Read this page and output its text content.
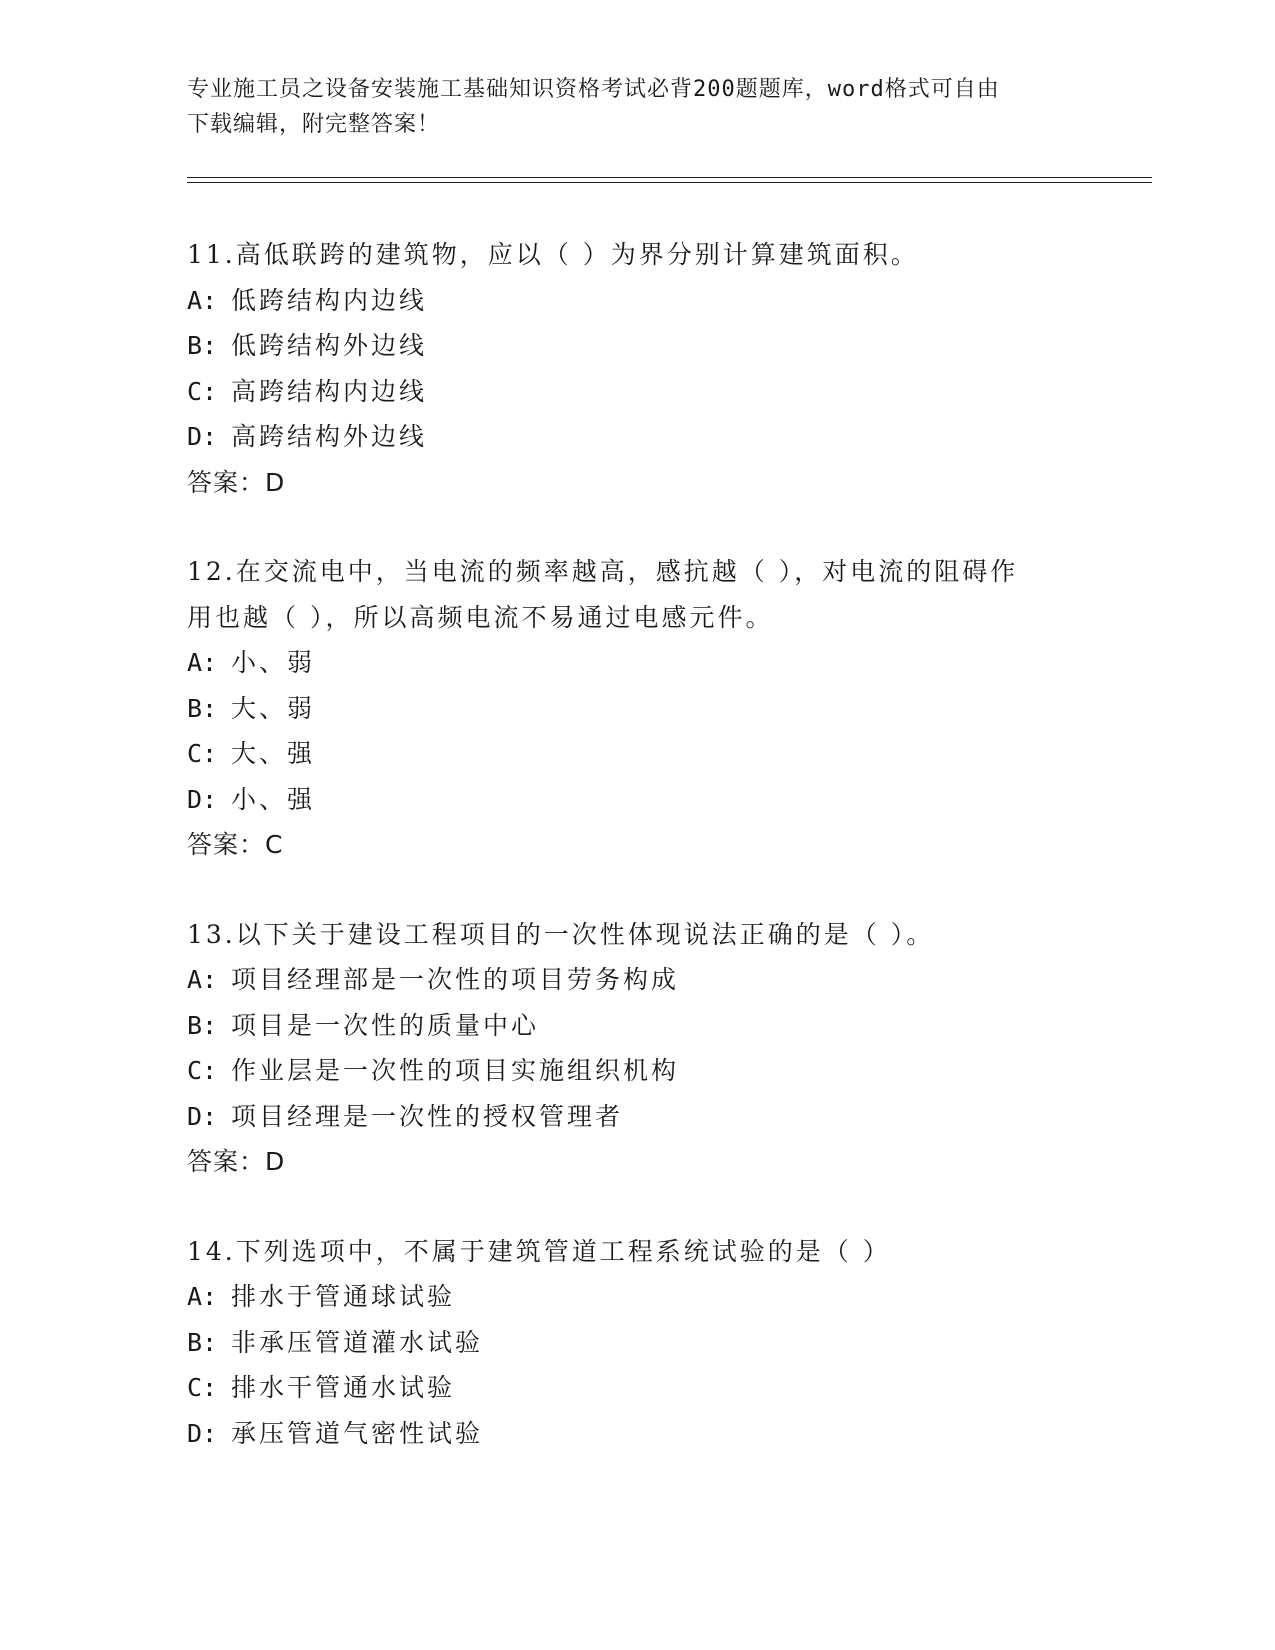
专业施工员之设备安装施工基础知识资格考试必背200题题库，word格式可自由
下载编辑，附完整答案！
11.高低联跨的建筑物，应以（ ）为界分别计算建筑面积。
A: 低跨结构内边线
B: 低跨结构外边线
C: 高跨结构内边线
D: 高跨结构外边线
答案：D
12.在交流电中，当电流的频率越高，感抗越（ ），对电流的阻碍作
用也越（ ），所以高频电流不易通过电感元件。
A: 小、弱
B: 大、弱
C: 大、强
D: 小、强
答案：C
13.以下关于建设工程项目的一次性体现说法正确的是（ ）。
A: 项目经理部是一次性的项目劳务构成
B: 项目是一次性的质量中心
C: 作业层是一次性的项目实施组织机构
D: 项目经理是一次性的授权管理者
答案：D
14.下列选项中，不属于建筑管道工程系统试验的是（ ）
A: 排水于管通球试验
B: 非承压管道灌水试验
C: 排水干管通水试验
D: 承压管道气密性试验
